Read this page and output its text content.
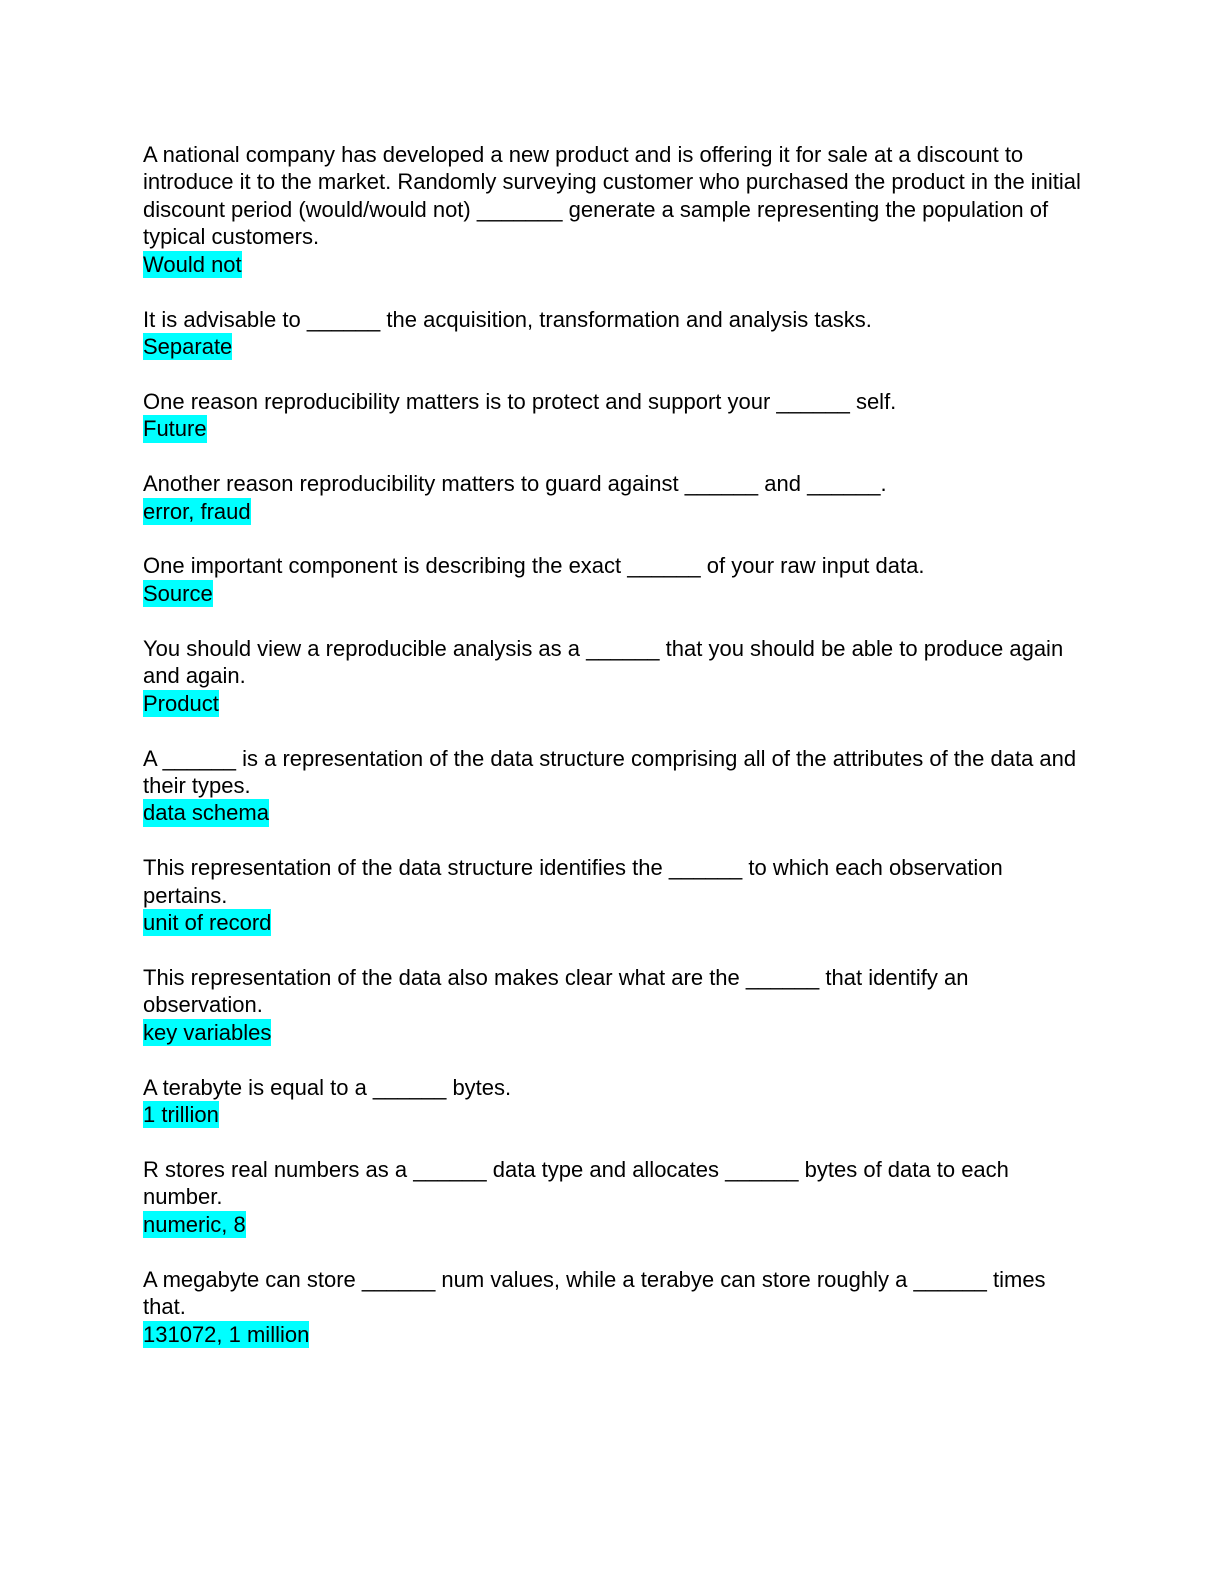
A national company has developed a new product and is offering it for sale at a discount to introduce it to the market. Randomly surveying customer who purchased the product in the initial discount period (would/would not) _______ generate a sample representing the population of typical customers.

Would not

It is advisable to ______ the acquisition, transformation and analysis tasks.

Separate

One reason reproducibility matters is to protect and support your ______ self.

Future

Another reason reproducibility matters to guard against ______ and ______.

error, fraud

One important component is describing the exact ______ of your raw input data.

Source

You should view a reproducible analysis as a ______ that you should be able to produce again and again.

Product

A ______ is a representation of the data structure comprising all of the attributes of the data and their types.

data schema

This representation of the data structure identifies the ______ to which each observation pertains.

unit of record

This representation of the data also makes clear what are the ______ that identify an observation.

key variables

A terabyte is equal to a ______ bytes.

1 trillion

R stores real numbers as a ______ data type and allocates ______ bytes of data to each number.

numeric, 8

A megabyte can store ______ num values, while a terabye can store roughly a ______ times that.

131072, 1 million
